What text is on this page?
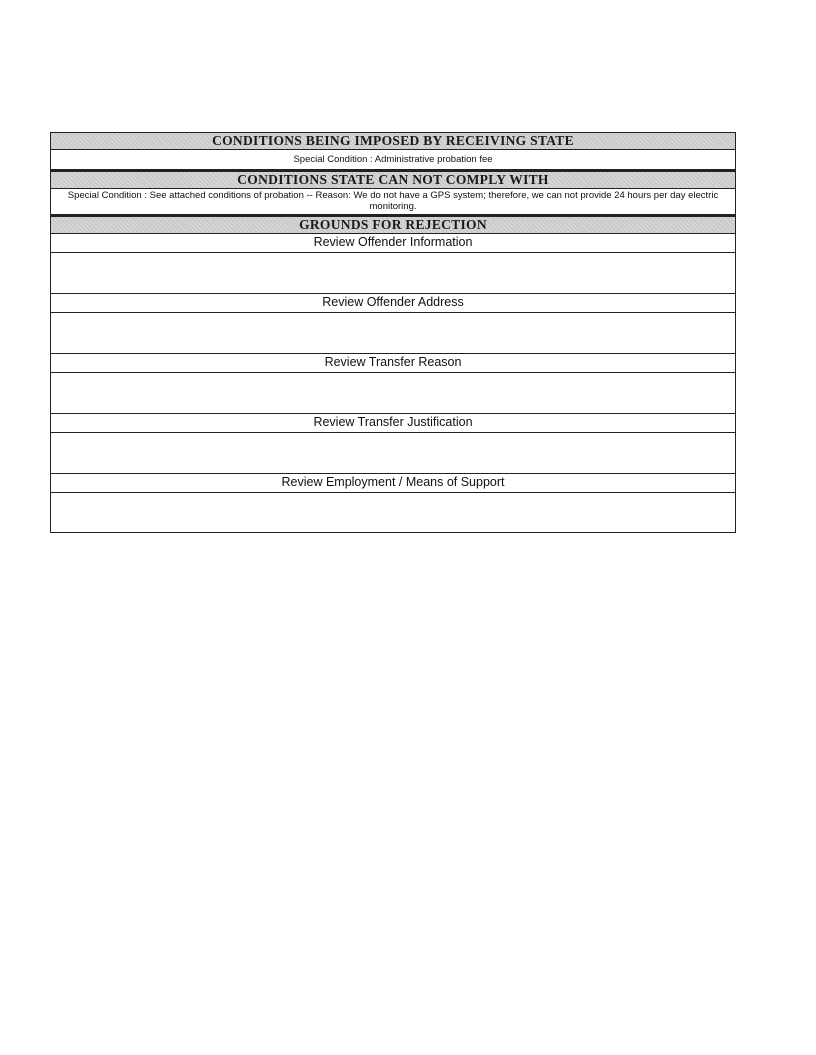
CONDITIONS BEING IMPOSED BY RECEIVING STATE
Special Condition : Administrative probation fee
CONDITIONS STATE CAN NOT COMPLY WITH
Special Condition : See attached conditions of probation -- Reason: We do not have a GPS system; therefore, we can not provide 24 hours per day electric monitoring.
GROUNDS FOR REJECTION
Review Offender Information
Review Offender Address
Review Transfer Reason
Review Transfer Justification
Review Employment / Means of Support
